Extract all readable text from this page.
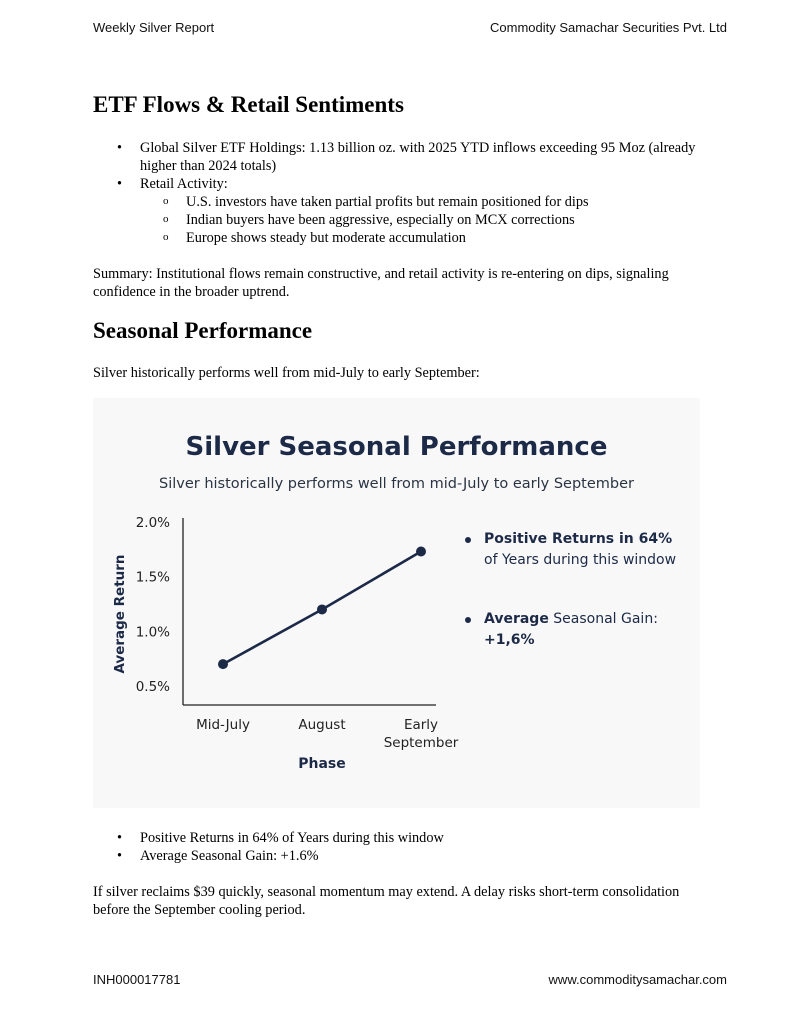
Weekly Silver Report	Commodity Samachar Securities Pvt. Ltd
ETF Flows & Retail Sentiments
• Global Silver ETF Holdings: 1.13 billion oz. with 2025 YTD inflows exceeding 95 Moz (already higher than 2024 totals)
• Retail Activity:
o U.S. investors have taken partial profits but remain positioned for dips
o Indian buyers have been aggressive, especially on MCX corrections
o Europe shows steady but moderate accumulation

Summary: Institutional flows remain constructive, and retail activity is re-entering on dips, signaling confidence in the broader uptrend.

Seasonal Performance

Silver historically performs well from mid-July to early September:

Silver Seasonal Performance
Silver historically performs well from mid-July to early September
0.5%
1.0%
1.5%
2.0%
Average Return
Phase
Mid-July	August	Early
September
Positive Returns in 64% of Years during this window
Average Seasonal Gain: +1,6%
• Positive Returns in 64% of Years during this window
• Average Seasonal Gain: +1.6%

If silver reclaims $39 quickly, seasonal momentum may extend. A delay risks short-term consolidation before the September cooling period.

INH000017781	www.commoditysamachar.com
